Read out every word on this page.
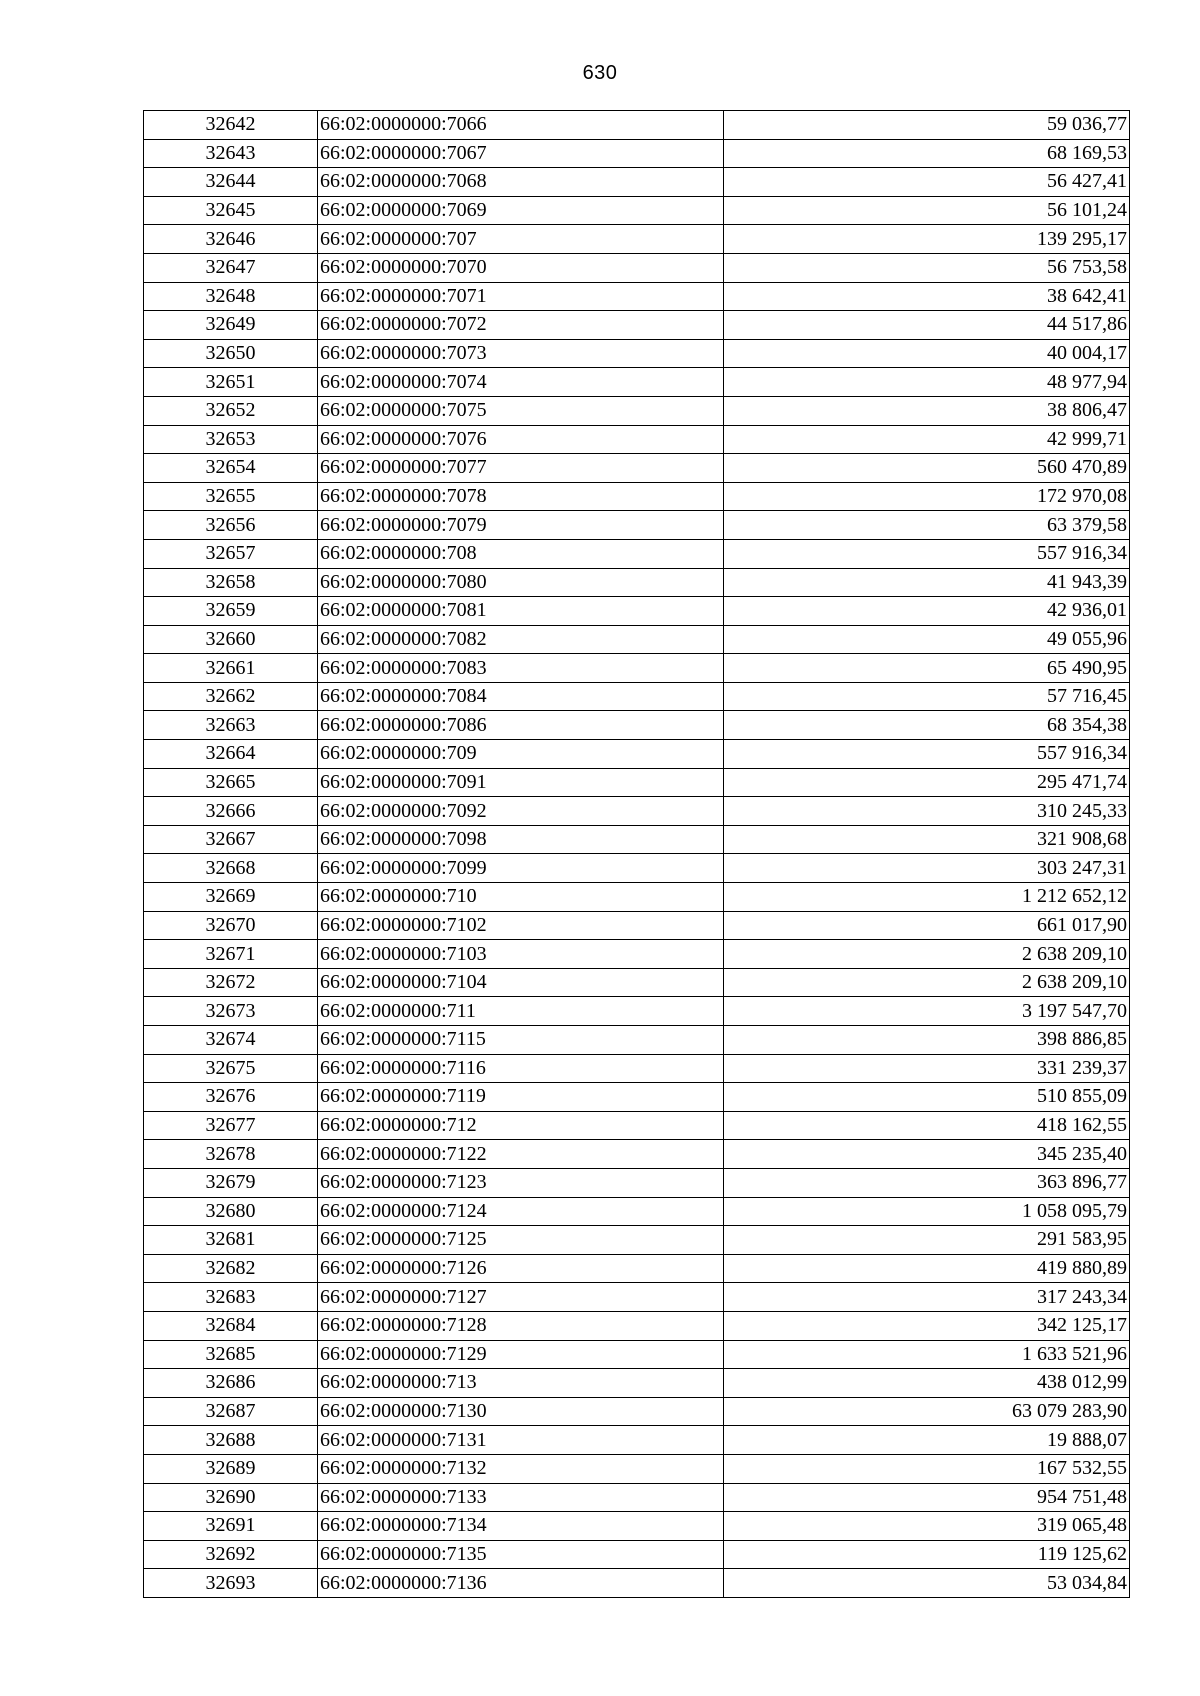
630
32642	66:02:0000000:7066	59 036,77
32643	66:02:0000000:7067	68 169,53
32644	66:02:0000000:7068	56 427,41
32645	66:02:0000000:7069	56 101,24
32646	66:02:0000000:707	139 295,17
32647	66:02:0000000:7070	56 753,58
32648	66:02:0000000:7071	38 642,41
32649	66:02:0000000:7072	44 517,86
32650	66:02:0000000:7073	40 004,17
32651	66:02:0000000:7074	48 977,94
32652	66:02:0000000:7075	38 806,47
32653	66:02:0000000:7076	42 999,71
32654	66:02:0000000:7077	560 470,89
32655	66:02:0000000:7078	172 970,08
32656	66:02:0000000:7079	63 379,58
32657	66:02:0000000:708	557 916,34
32658	66:02:0000000:7080	41 943,39
32659	66:02:0000000:7081	42 936,01
32660	66:02:0000000:7082	49 055,96
32661	66:02:0000000:7083	65 490,95
32662	66:02:0000000:7084	57 716,45
32663	66:02:0000000:7086	68 354,38
32664	66:02:0000000:709	557 916,34
32665	66:02:0000000:7091	295 471,74
32666	66:02:0000000:7092	310 245,33
32667	66:02:0000000:7098	321 908,68
32668	66:02:0000000:7099	303 247,31
32669	66:02:0000000:710	1 212 652,12
32670	66:02:0000000:7102	661 017,90
32671	66:02:0000000:7103	2 638 209,10
32672	66:02:0000000:7104	2 638 209,10
32673	66:02:0000000:711	3 197 547,70
32674	66:02:0000000:7115	398 886,85
32675	66:02:0000000:7116	331 239,37
32676	66:02:0000000:7119	510 855,09
32677	66:02:0000000:712	418 162,55
32678	66:02:0000000:7122	345 235,40
32679	66:02:0000000:7123	363 896,77
32680	66:02:0000000:7124	1 058 095,79
32681	66:02:0000000:7125	291 583,95
32682	66:02:0000000:7126	419 880,89
32683	66:02:0000000:7127	317 243,34
32684	66:02:0000000:7128	342 125,17
32685	66:02:0000000:7129	1 633 521,96
32686	66:02:0000000:713	438 012,99
32687	66:02:0000000:7130	63 079 283,90
32688	66:02:0000000:7131	19 888,07
32689	66:02:0000000:7132	167 532,55
32690	66:02:0000000:7133	954 751,48
32691	66:02:0000000:7134	319 065,48
32692	66:02:0000000:7135	119 125,62
32693	66:02:0000000:7136	53 034,84
